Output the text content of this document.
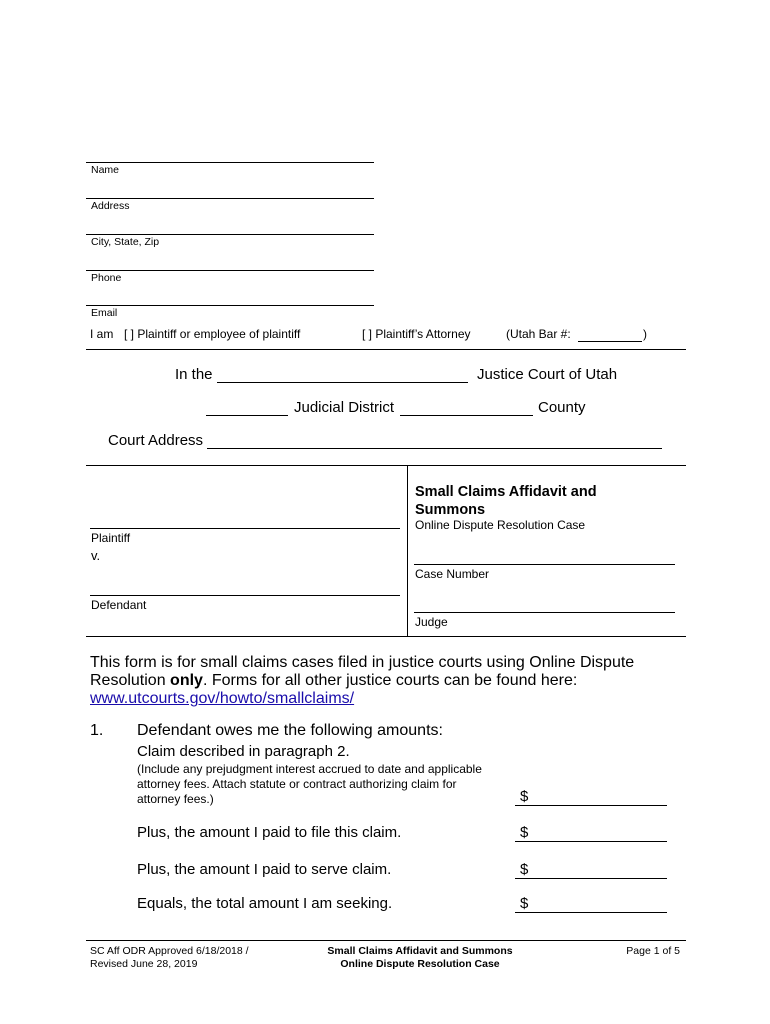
Name
Address
City, State, Zip
Phone
Email
I am [ ] Plaintiff or employee of plaintiff	[ ] Plaintiff’s Attorney	(Utah Bar #:	)
In the	Justice Court of Utah
Judicial District	County
Court Address
Plaintiff
v.
Defendant
Small Claims Affidavit and Summons
Online Dispute Resolution Case
Case Number
Judge
This form is for small claims cases filed in justice courts using Online Dispute
Resolution only. Forms for all other justice courts can be found here:
www.utcourts.gov/howto/smallclaims/
1. Defendant owes me the following amounts:
Claim described in paragraph 2.
(Include any prejudgment interest accrued to date and applicable
attorney fees. Attach statute or contract authorizing claim for
attorney fees.)	$
Plus, the amount I paid to file this claim.	$
Plus, the amount I paid to serve claim.	$
Equals, the total amount I am seeking.	$
SC Aff ODR Approved 6/18/2018 /
Revised June 28, 2019
Small Claims Affidavit and Summons
Online Dispute Resolution Case
Page 1 of 5
